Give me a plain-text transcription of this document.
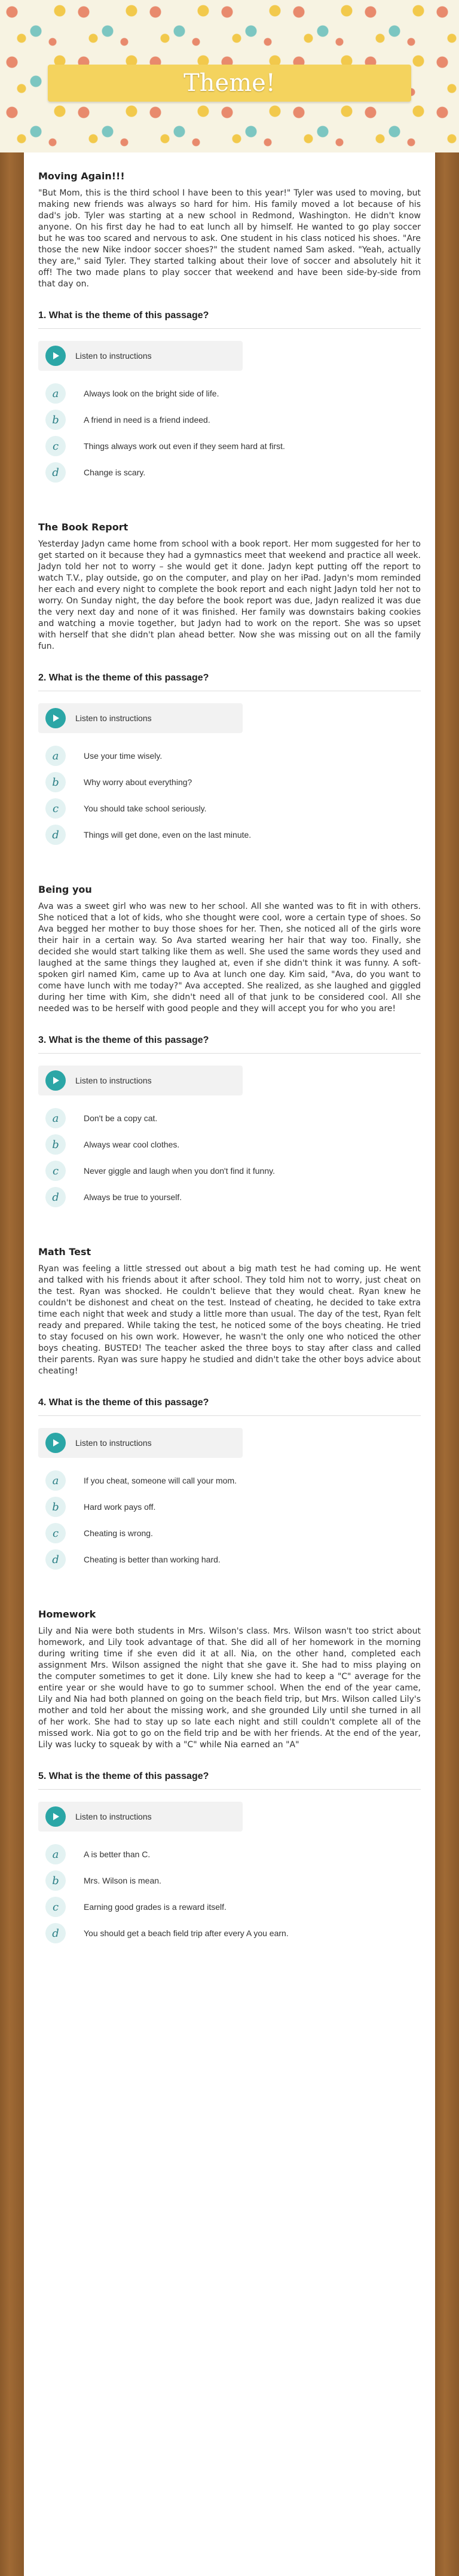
Theme!
Moving Again!!!

"But Mom, this is the third school I have been to this year!" Tyler was used to moving, but making new friends was always so hard for him. His family moved a lot because of his dad's job. Tyler was starting at a new school in Redmond, Washington. He didn't know anyone. On his first day he had to eat lunch all by himself. He wanted to go play soccer but he was too scared and nervous to ask. One student in his class noticed his shoes. "Are those the new Nike indoor soccer shoes?" the student named Sam asked. "Yeah, actually they are," said Tyler. They started talking about their love of soccer and absolutely hit it off! The two made plans to play soccer that weekend and have been side-by-side from that day on.

1. What is the theme of this passage?
Listen to instructions
a	Always look on the bright side of life.
b	A friend in need is a friend indeed.
c	Things always work out even if they seem hard at first.
d	Change is scary.
The Book Report

Yesterday Jadyn came home from school with a book report. Her mom suggested for her to get started on it because they had a gymnastics meet that weekend and practice all week. Jadyn told her not to worry – she would get it done. Jadyn kept putting off the report to watch T.V., play outside, go on the computer, and play on her iPad. Jadyn's mom reminded her each and every night to complete the book report and each night Jadyn told her not to worry. On Sunday night, the day before the book report was due, Jadyn realized it was due the very next day and none of it was finished. Her family was downstairs baking cookies and watching a movie together, but Jadyn had to work on the report. She was so upset with herself that she didn't plan ahead better. Now she was missing out on all the family fun.

2. What is the theme of this passage?
Listen to instructions
a	Use your time wisely.
b	Why worry about everything?
c	You should take school seriously.
d	Things will get done, even on the last minute.
Being you

Ava was a sweet girl who was new to her school. All she wanted was to fit in with others. She noticed that a lot of kids, who she thought were cool, wore a certain type of shoes. So Ava begged her mother to buy those shoes for her. Then, she noticed all of the girls wore their hair in a certain way. So Ava started wearing her hair that way too. Finally, she decided she would start talking like them as well. She used the same words they used and laughed at the same things they laughed at, even if she didn't think it was funny. A soft-spoken girl named Kim, came up to Ava at lunch one day. Kim said, "Ava, do you want to come have lunch with me today?" Ava accepted. She realized, as she laughed and giggled during her time with Kim, she didn't need all of that junk to be considered cool. All she needed was to be herself with good people and they will accept you for who you are!

3. What is the theme of this passage?
Listen to instructions
a	Don't be a copy cat.
b	Always wear cool clothes.
c	Never giggle and laugh when you don't find it funny.
d	Always be true to yourself.
Math Test

Ryan was feeling a little stressed out about a big math test he had coming up. He went and talked with his friends about it after school. They told him not to worry, just cheat on the test. Ryan was shocked. He couldn't believe that they would cheat. Ryan knew he couldn't be dishonest and cheat on the test. Instead of cheating, he decided to take extra time each night that week and study a little more than usual. The day of the test, Ryan felt ready and prepared. While taking the test, he noticed some of the boys cheating. He tried to stay focused on his own work. However, he wasn't the only one who noticed the other boys cheating. BUSTED! The teacher asked the three boys to stay after class and called their parents. Ryan was sure happy he studied and didn't take the other boys advice about cheating!

4. What is the theme of this passage?
Listen to instructions
a	If you cheat, someone will call your mom.
b	Hard work pays off.
c	Cheating is wrong.
d	Cheating is better than working hard.
Homework

Lily and Nia were both students in Mrs. Wilson's class. Mrs. Wilson wasn't too strict about homework, and Lily took advantage of that. She did all of her homework in the morning during writing time if she even did it at all. Nia, on the other hand, completed each assignment Mrs. Wilson assigned the night that she gave it. She had to miss playing on the computer sometimes to get it done. Lily knew she had to keep a "C" average for the entire year or she would have to go to summer school. When the end of the year came, Lily and Nia had both planned on going on the beach field trip, but Mrs. Wilson called Lily's mother and told her about the missing work, and she grounded Lily until she turned in all of her work. She had to stay up so late each night and still couldn't complete all of the missed work. Nia got to go on the field trip and be with her friends. At the end of the year, Lily was lucky to squeak by with a "C" while Nia earned an "A"

5. What is the theme of this passage?
Listen to instructions
a	A is better than C.
b	Mrs. Wilson is mean.
c	Earning good grades is a reward itself.
d	You should get a beach field trip after every A you earn.
